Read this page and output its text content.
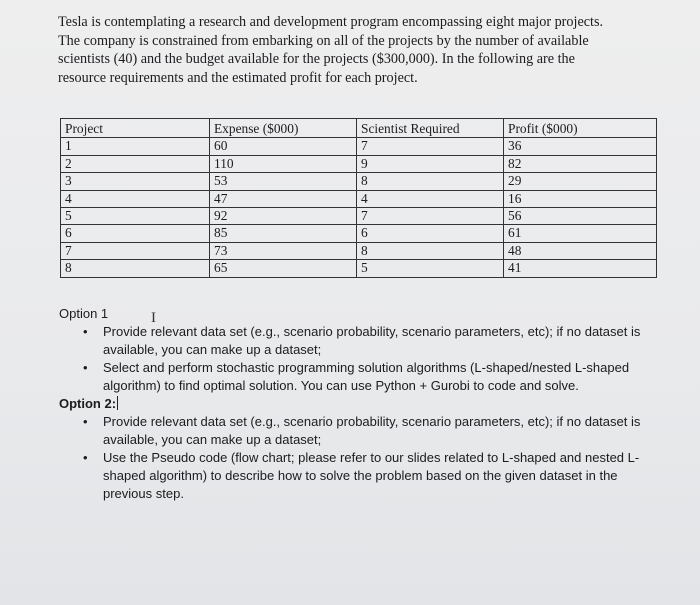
Tesla is contemplating a research and development program encompassing eight major projects.
The company is constrained from embarking on all of the projects by the number of available
scientists (40) and the budget available for the projects ($300,000). In the following are the
resource requirements and the estimated profit for each project.
Project	Expense ($000)	Scientist Required	Profit ($000)
1	60	7	36
2	110	9	82
3	53	8	29
4	47	4	16
5	92	7	56
6	85	6	61
7	73	8	48
8	65	5	41
I

Option 1

• Provide relevant data set (e.g., scenario probability, scenario parameters, etc); if no dataset is available, you can make up a dataset;
• Select and perform stochastic programming solution algorithms (L-shaped/nested L-shaped algorithm) to find optimal solution. You can use Python + Gurobi to code and solve.

Option 2:

• Provide relevant data set (e.g., scenario probability, scenario parameters, etc); if no dataset is available, you can make up a dataset;
• Use the Pseudo code (flow chart; please refer to our slides related to L-shaped and nested L-shaped algorithm) to describe how to solve the problem based on the given dataset in the previous step.
